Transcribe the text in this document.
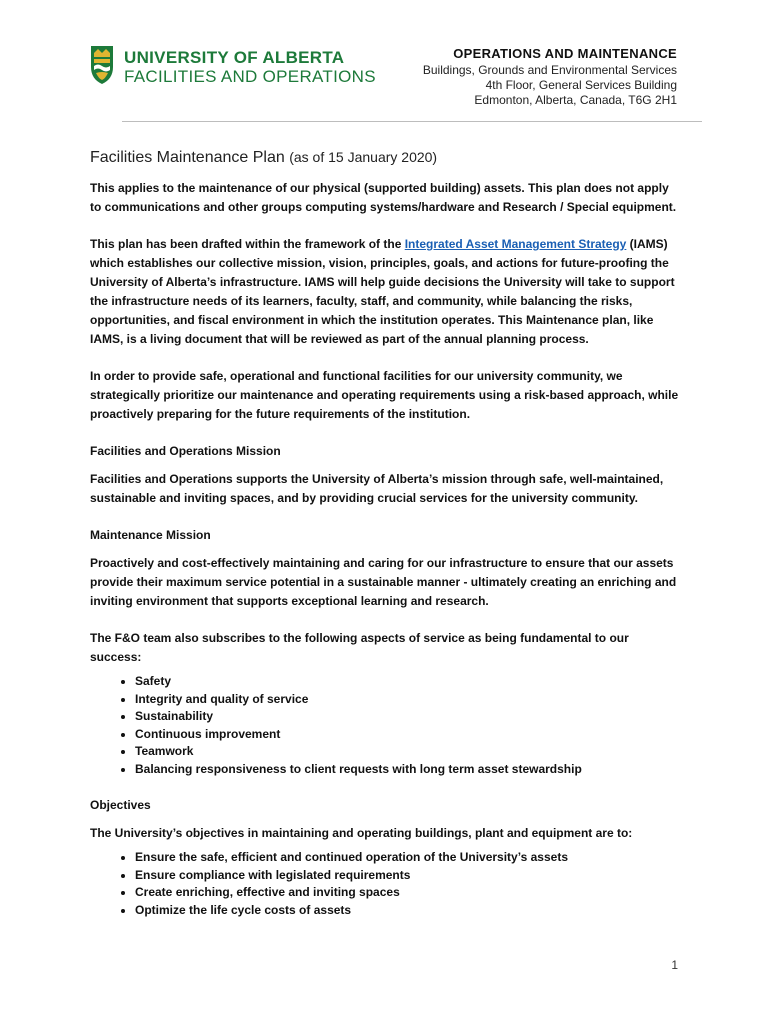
UNIVERSITY OF ALBERTA
FACILITIES AND OPERATIONS
OPERATIONS AND MAINTENANCE
Buildings, Grounds and Environmental Services
4th Floor, General Services Building
Edmonton, Alberta, Canada, T6G 2H1
Facilities Maintenance Plan (as of 15 January 2020)

This applies to the maintenance of our physical (supported building) assets. This plan does not apply to communications and other groups computing systems/hardware and Research / Special equipment.

This plan has been drafted within the framework of the Integrated Asset Management Strategy (IAMS) which establishes our collective mission, vision, principles, goals, and actions for future-proofing the University of Alberta’s infrastructure. IAMS will help guide decisions the University will take to support the infrastructure needs of its learners, faculty, staff, and community, while balancing the risks, opportunities, and fiscal environment in which the institution operates. This Maintenance plan, like IAMS, is a living document that will be reviewed as part of the annual planning process.

In order to provide safe, operational and functional facilities for our university community, we strategically prioritize our maintenance and operating requirements using a risk-based approach, while proactively preparing for the future requirements of the institution.

Facilities and Operations Mission

Facilities and Operations supports the University of Alberta’s mission through safe, well-maintained, sustainable and inviting spaces, and by providing crucial services for the university community.

Maintenance Mission

Proactively and cost-effectively maintaining and caring for our infrastructure to ensure that our assets provide their maximum service potential in a sustainable manner - ultimately creating an enriching and inviting environment that supports exceptional learning and research.

The F&O team also subscribes to the following aspects of service as being fundamental to our success:

• Safety
• Integrity and quality of service
• Sustainability
• Continuous improvement
• Teamwork
• Balancing responsiveness to client requests with long term asset stewardship
Objectives

The University’s objectives in maintaining and operating buildings, plant and equipment are to:

• Ensure the safe, efficient and continued operation of the University’s assets
• Ensure compliance with legislated requirements
• Create enriching, effective and inviting spaces
• Optimize the life cycle costs of assets
1
